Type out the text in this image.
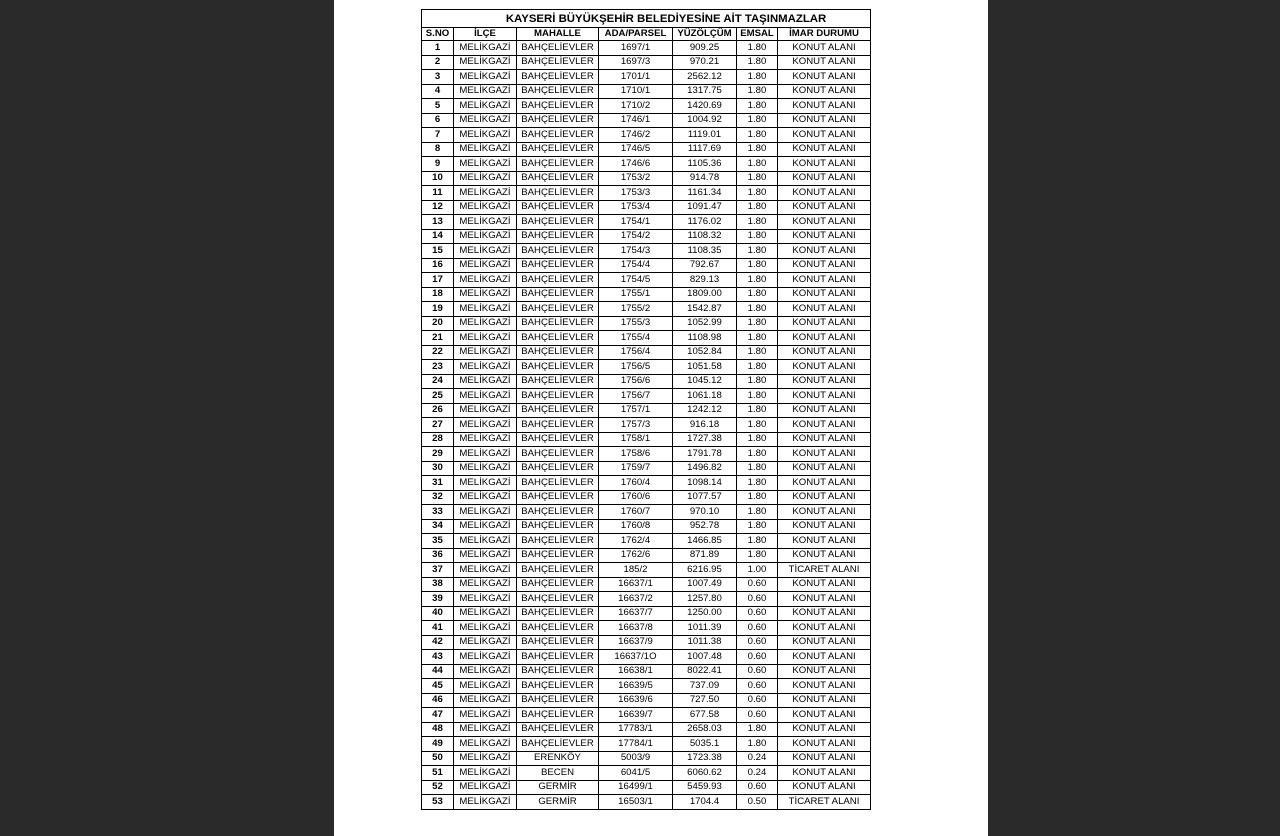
KAYSERİ BÜYÜKŞEHİR BELEDİYESİNE AİT TAŞINMAZLAR						
S.NO	İLÇE	MAHALLE	ADA/PARSEL	YÜZÖLÇÜM	EMSAL	İMAR DURUMU
1	MELİKGAZİ	BAHÇELİEVLER	1697/1	909.25	1.80	KONUT ALANI
2	MELİKGAZİ	BAHÇELİEVLER	1697/3	970.21	1.80	KONUT ALANI
3	MELİKGAZİ	BAHÇELİEVLER	1701/1	2562.12	1.80	KONUT ALANI
4	MELİKGAZİ	BAHÇELİEVLER	1710/1	1317.75	1.80	KONUT ALANI
5	MELİKGAZİ	BAHÇELİEVLER	1710/2	1420.69	1.80	KONUT ALANI
6	MELİKGAZİ	BAHÇELİEVLER	1746/1	1004.92	1.80	KONUT ALANI
7	MELİKGAZİ	BAHÇELİEVLER	1746/2	1119.01	1.80	KONUT ALANI
8	MELİKGAZİ	BAHÇELİEVLER	1746/5	1117.69	1.80	KONUT ALANI
9	MELİKGAZİ	BAHÇELİEVLER	1746/6	1105.36	1.80	KONUT ALANI
10	MELİKGAZİ	BAHÇELİEVLER	1753/2	914.78	1.80	KONUT ALANI
11	MELİKGAZİ	BAHÇELİEVLER	1753/3	1161.34	1.80	KONUT ALANI
12	MELİKGAZİ	BAHÇELİEVLER	1753/4	1091.47	1.80	KONUT ALANI
13	MELİKGAZİ	BAHÇELİEVLER	1754/1	1176.02	1.80	KONUT ALANI
14	MELİKGAZİ	BAHÇELİEVLER	1754/2	1108.32	1.80	KONUT ALANI
15	MELİKGAZİ	BAHÇELİEVLER	1754/3	1108.35	1.80	KONUT ALANI
16	MELİKGAZİ	BAHÇELİEVLER	1754/4	792.67	1.80	KONUT ALANI
17	MELİKGAZİ	BAHÇELİEVLER	1754/5	829.13	1.80	KONUT ALANI
18	MELİKGAZİ	BAHÇELİEVLER	1755/1	1809.00	1.80	KONUT ALANI
19	MELİKGAZİ	BAHÇELİEVLER	1755/2	1542.87	1.80	KONUT ALANI
20	MELİKGAZİ	BAHÇELİEVLER	1755/3	1052.99	1.80	KONUT ALANI
21	MELİKGAZİ	BAHÇELİEVLER	1755/4	1108.98	1.80	KONUT ALANI
22	MELİKGAZİ	BAHÇELİEVLER	1756/4	1052.84	1.80	KONUT ALANI
23	MELİKGAZİ	BAHÇELİEVLER	1756/5	1051.58	1.80	KONUT ALANI
24	MELİKGAZİ	BAHÇELİEVLER	1756/6	1045.12	1.80	KONUT ALANI
25	MELİKGAZİ	BAHÇELİEVLER	1756/7	1061.18	1.80	KONUT ALANI
26	MELİKGAZİ	BAHÇELİEVLER	1757/1	1242.12	1.80	KONUT ALANI
27	MELİKGAZİ	BAHÇELİEVLER	1757/3	916.18	1.80	KONUT ALANI
28	MELİKGAZİ	BAHÇELİEVLER	1758/1	1727.38	1.80	KONUT ALANI
29	MELİKGAZİ	BAHÇELİEVLER	1758/6	1791.78	1.80	KONUT ALANI
30	MELİKGAZİ	BAHÇELİEVLER	1759/7	1496.82	1.80	KONUT ALANI
31	MELİKGAZİ	BAHÇELİEVLER	1760/4	1098.14	1.80	KONUT ALANI
32	MELİKGAZİ	BAHÇELİEVLER	1760/6	1077.57	1.80	KONUT ALANI
33	MELİKGAZİ	BAHÇELİEVLER	1760/7	970.10	1.80	KONUT ALANI
34	MELİKGAZİ	BAHÇELİEVLER	1760/8	952.78	1.80	KONUT ALANI
35	MELİKGAZİ	BAHÇELİEVLER	1762/4	1466.85	1.80	KONUT ALANI
36	MELİKGAZİ	BAHÇELİEVLER	1762/6	871.89	1.80	KONUT ALANI
37	MELİKGAZİ	BAHÇELİEVLER	185/2	6216.95	1.00	TİCARET ALANI
38	MELİKGAZİ	BAHÇELİEVLER	16637/1	1007.49	0.60	KONUT ALANI
39	MELİKGAZİ	BAHÇELİEVLER	16637/2	1257.80	0.60	KONUT ALANI
40	MELİKGAZİ	BAHÇELİEVLER	16637/7	1250.00	0.60	KONUT ALANI
41	MELİKGAZİ	BAHÇELİEVLER	16637/8	1011.39	0.60	KONUT ALANI
42	MELİKGAZİ	BAHÇELİEVLER	16637/9	1011.38	0.60	KONUT ALANI
43	MELİKGAZİ	BAHÇELİEVLER	16637/1O	1007.48	0.60	KONUT ALANI
44	MELİKGAZİ	BAHÇELİEVLER	16638/1	8022.41	0.60	KONUT ALANI
45	MELİKGAZİ	BAHÇELİEVLER	16639/5	737.09	0.60	KONUT ALANI
46	MELİKGAZİ	BAHÇELİEVLER	16639/6	727.50	0.60	KONUT ALANI
47	MELİKGAZİ	BAHÇELİEVLER	16639/7	677.58	0.60	KONUT ALANI
48	MELİKGAZİ	BAHÇELİEVLER	17783/1	2658.03	1.80	KONUT ALANI
49	MELİKGAZİ	BAHÇELİEVLER	17784/1	5035.1	1.80	KONUT ALANI
50	MELİKGAZİ	ERENKÖY	5003/9	1723.38	0.24	KONUT ALANI
51	MELİKGAZİ	BECEN	6041/5	6060.62	0.24	KONUT ALANI
52	MELİKGAZİ	GERMİR	16499/1	5459.93	0.60	KONUT ALANI
53	MELİKGAZİ	GERMİR	16503/1	1704.4	0.50	TİCARET ALANI
